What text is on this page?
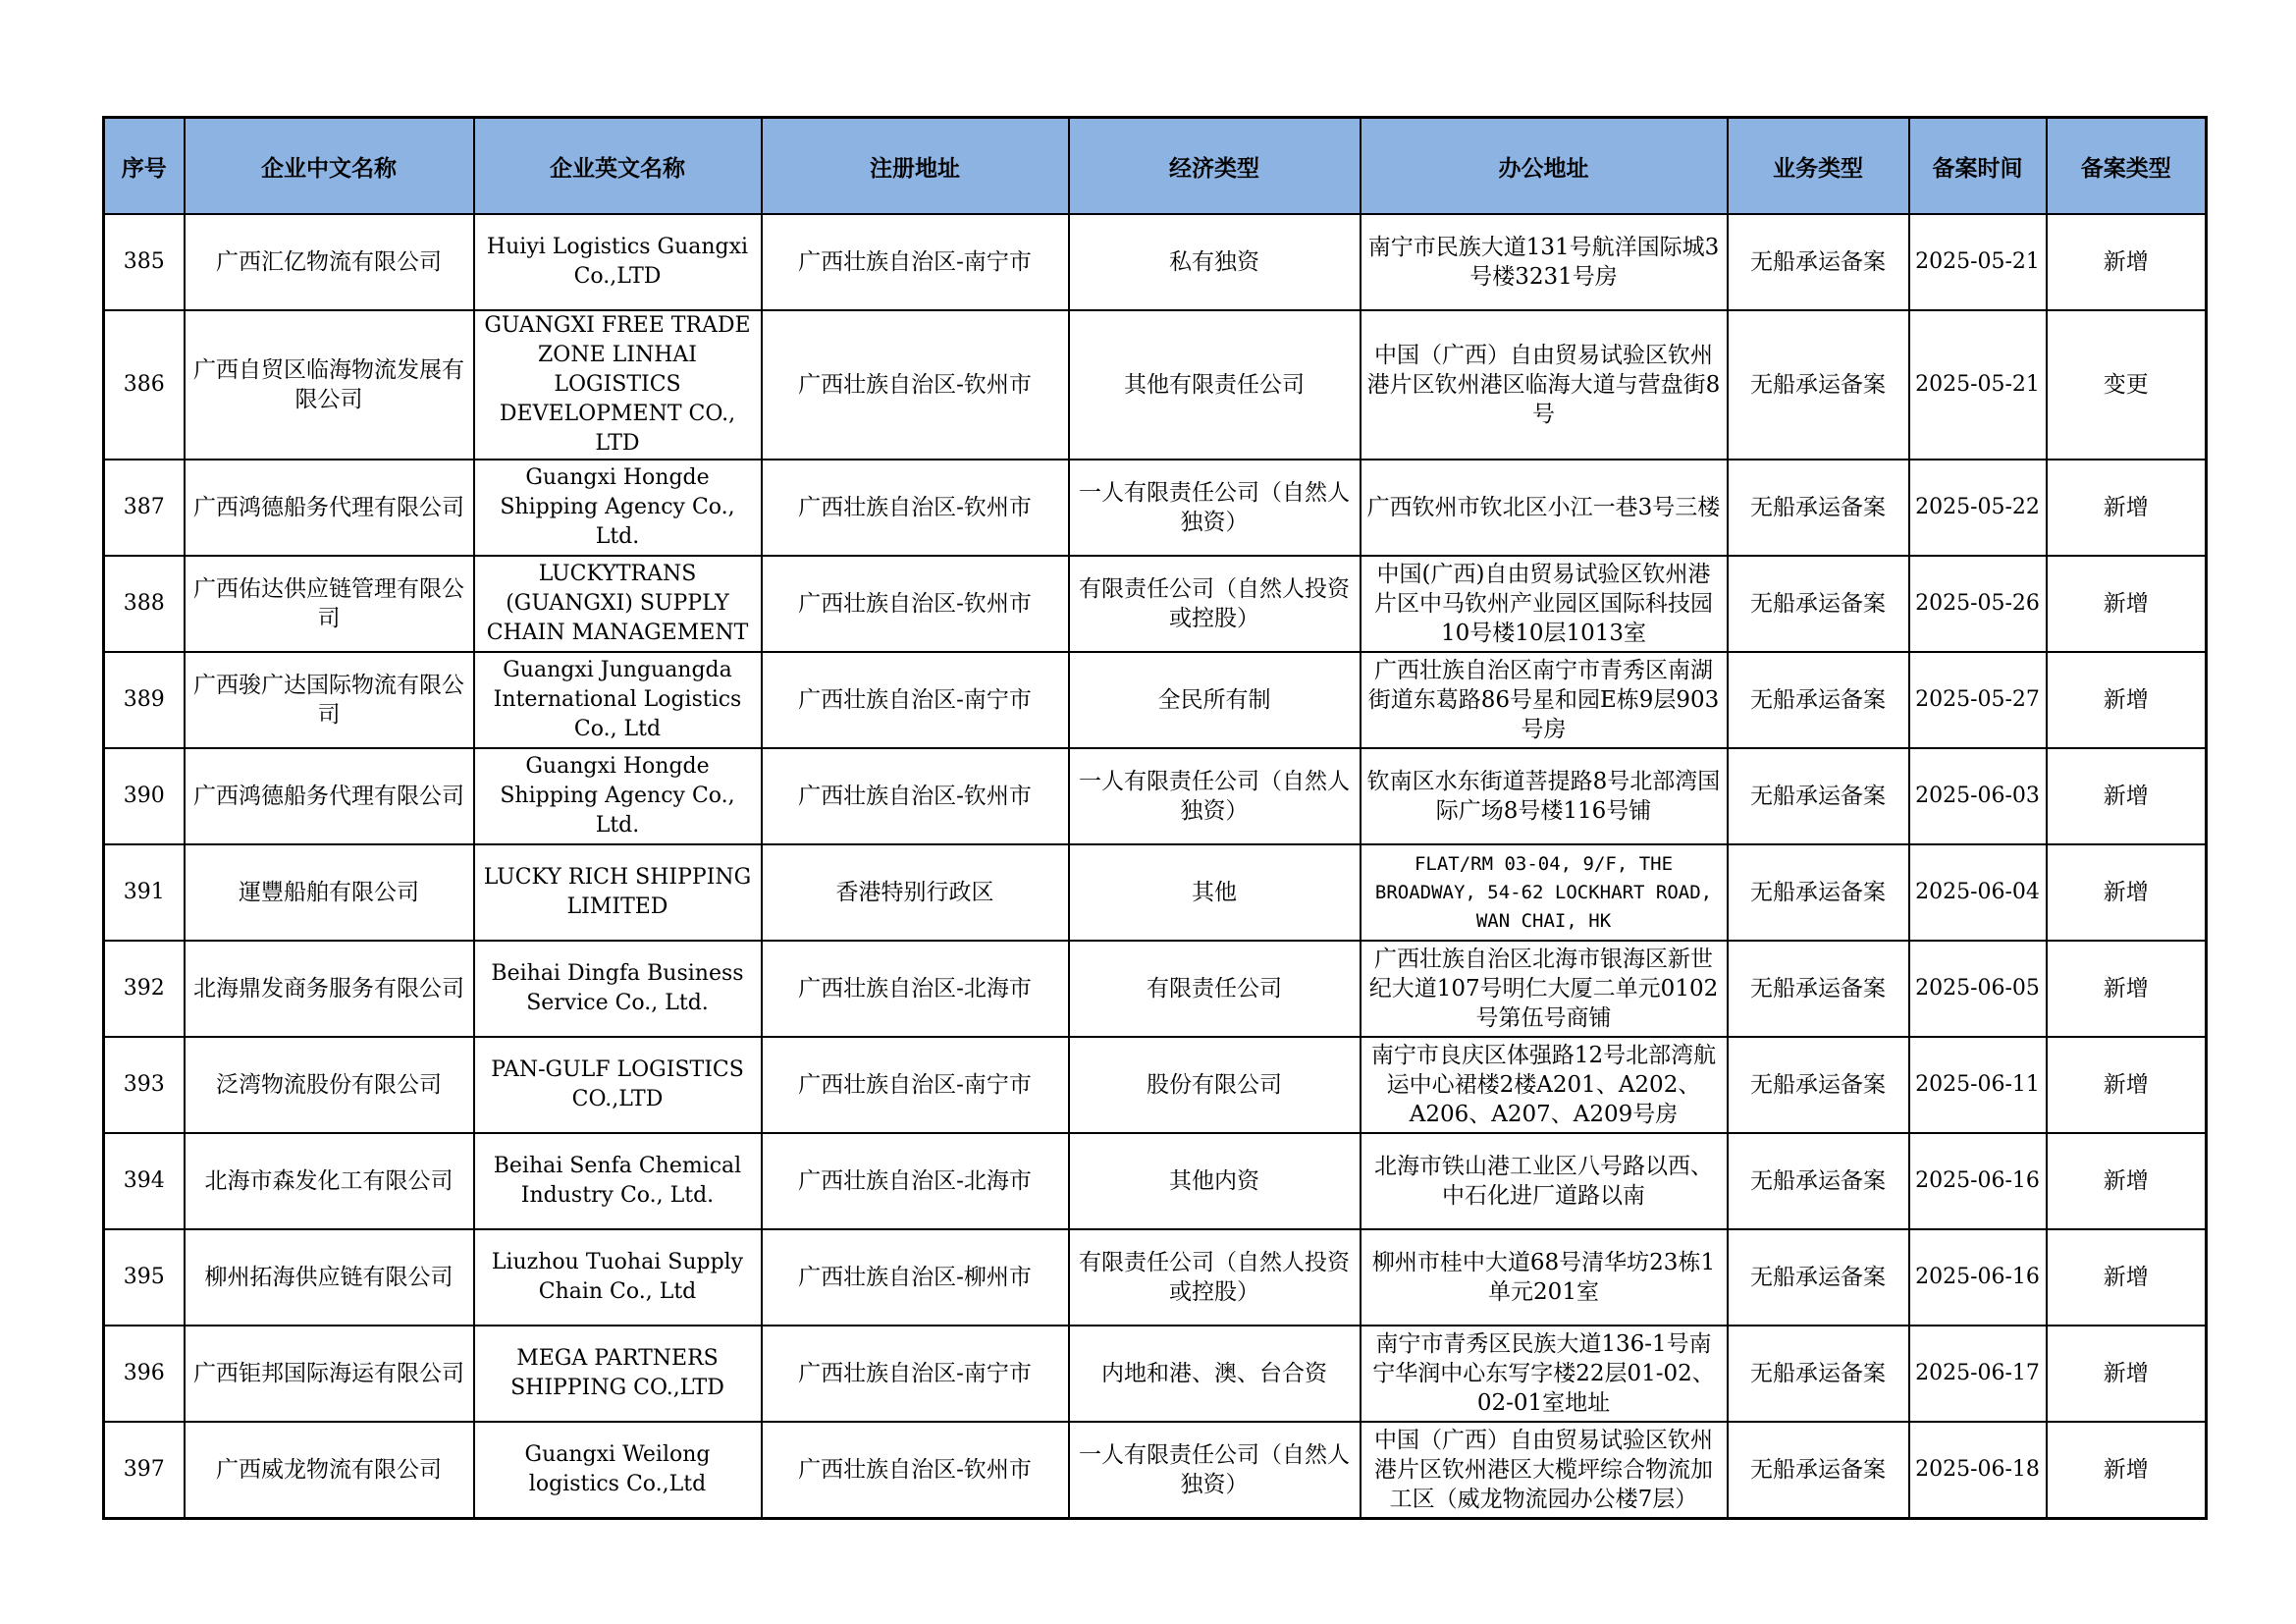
序号	企业中文名称	企业英文名称	注册地址	经济类型	办公地址	业务类型	备案时间	备案类型
385	广西汇亿物流有限公司	Huiyi Logistics Guangxi Co.,LTD	广西壮族自治区-南宁市	私有独资	南宁市民族大道131号航洋国际城3号楼3231号房	无船承运备案	2025-05-21	新增
386	广西自贸区临海物流发展有限公司	GUANGXI FREE TRADE ZONE LINHAI LOGISTICS DEVELOPMENT CO., LTD	广西壮族自治区-钦州市	其他有限责任公司	中国（广西）自由贸易试验区钦州港片区钦州港区临海大道与营盘街8号	无船承运备案	2025-05-21	变更
387	广西鸿德船务代理有限公司	Guangxi Hongde Shipping Agency Co., Ltd.	广西壮族自治区-钦州市	一人有限责任公司（自然人独资）	广西钦州市钦北区小江一巷3号三楼	无船承运备案	2025-05-22	新增
388	广西佑达供应链管理有限公司	LUCKYTRANS (GUANGXI) SUPPLY CHAIN MANAGEMENT	广西壮族自治区-钦州市	有限责任公司（自然人投资或控股）	中国(广西)自由贸易试验区钦州港片区中马钦州产业园区国际科技园10号楼10层1013室	无船承运备案	2025-05-26	新增
389	广西骏广达国际物流有限公司	Guangxi Junguangda International Logistics Co., Ltd	广西壮族自治区-南宁市	全民所有制	广西壮族自治区南宁市青秀区南湖街道东葛路86号星和园E栋9层903号房	无船承运备案	2025-05-27	新增
390	广西鸿德船务代理有限公司	Guangxi Hongde Shipping Agency Co., Ltd.	广西壮族自治区-钦州市	一人有限责任公司（自然人独资）	钦南区水东街道菩提路8号北部湾国际广场8号楼116号铺	无船承运备案	2025-06-03	新增
391	運豐船舶有限公司	LUCKY RICH SHIPPING LIMITED	香港特别行政区	其他	FLAT/RM 03-04, 9/F, THE BROADWAY, 54-62 LOCKHART ROAD, WAN CHAI, HK	无船承运备案	2025-06-04	新增
392	北海鼎发商务服务有限公司	Beihai Dingfa Business Service Co., Ltd.	广西壮族自治区-北海市	有限责任公司	广西壮族自治区北海市银海区新世纪大道107号明仁大厦二单元0102号第伍号商铺	无船承运备案	2025-06-05	新增
393	泛湾物流股份有限公司	PAN-GULF LOGISTICS CO.,LTD	广西壮族自治区-南宁市	股份有限公司	南宁市良庆区体强路12号北部湾航运中心裙楼2楼A201、A202、A206、A207、A209号房	无船承运备案	2025-06-11	新增
394	北海市森发化工有限公司	Beihai Senfa Chemical Industry Co., Ltd.	广西壮族自治区-北海市	其他内资	北海市铁山港工业区八号路以西、中石化进厂道路以南	无船承运备案	2025-06-16	新增
395	柳州拓海供应链有限公司	Liuzhou Tuohai Supply Chain Co., Ltd	广西壮族自治区-柳州市	有限责任公司（自然人投资或控股）	柳州市桂中大道68号清华坊23栋1单元201室	无船承运备案	2025-06-16	新增
396	广西钜邦国际海运有限公司	MEGA PARTNERS SHIPPING CO.,LTD	广西壮族自治区-南宁市	内地和港、澳、台合资	南宁市青秀区民族大道136-1号南宁华润中心东写字楼22层01-02、02-01室地址	无船承运备案	2025-06-17	新增
397	广西威龙物流有限公司	Guangxi Weilong logistics Co.,Ltd	广西壮族自治区-钦州市	一人有限责任公司（自然人独资）	中国（广西）自由贸易试验区钦州港片区钦州港区大榄坪综合物流加工区（威龙物流园办公楼7层）	无船承运备案	2025-06-18	新增
